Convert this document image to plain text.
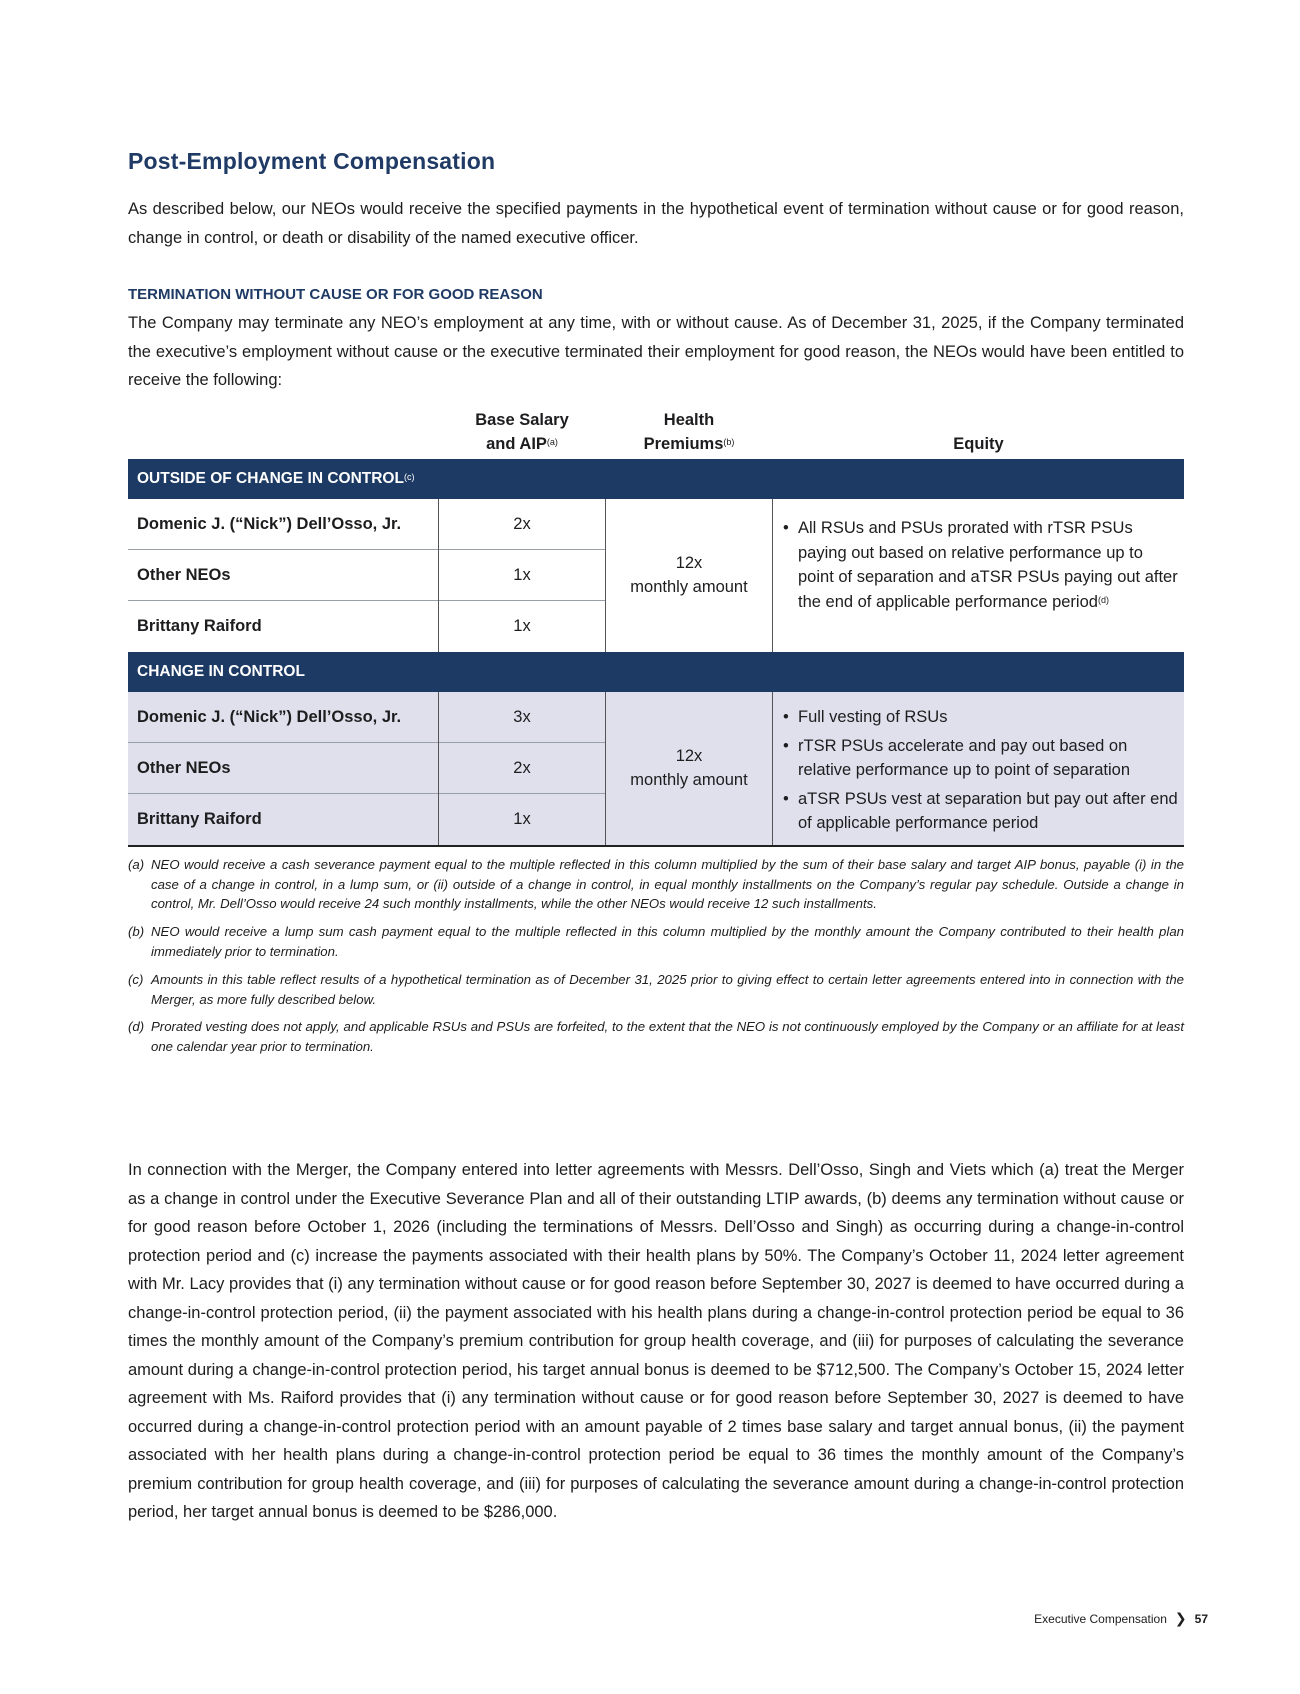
Post-Employment Compensation
As described below, our NEOs would receive the specified payments in the hypothetical event of termination without cause or for good reason, change in control, or death or disability of the named executive officer.
TERMINATION WITHOUT CAUSE OR FOR GOOD REASON
The Company may terminate any NEO’s employment at any time, with or without cause. As of December 31, 2025, if the Company terminated the executive’s employment without cause or the executive terminated their employment for good reason, the NEOs would have been entitled to receive the following:
Base Salary
and AIP$^{(a)}$
Health
Premiums$^{(b)}$	Equity
OUTSIDE OF CHANGE IN CONTROL$^{(c)}$
Domenic J. (“Nick”) Dell’Osso, Jr.
Other NEOs
Brittany Raiford
2x
1x
1x
12x
monthly amount
• All RSUs and PSUs prorated with rTSR PSUs paying out based on relative performance up to point of separation and aTSR PSUs paying out after the end of applicable performance period$^{(d)}$
CHANGE IN CONTROL
Domenic J. (“Nick”) Dell’Osso, Jr.
Other NEOs
Brittany Raiford
3x
2x
1x
12x
monthly amount
• Full vesting of RSUs
• rTSR PSUs accelerate and pay out based on relative performance up to point of separation
• aTSR PSUs vest at separation but pay out after end of applicable performance period
(a) NEO would receive a cash severance payment equal to the multiple reflected in this column multiplied by the sum of their base salary and target AIP bonus, payable (i) in the case of a change in control, in a lump sum, or (ii) outside of a change in control, in equal monthly installments on the Company’s regular pay schedule. Outside a change in control, Mr. Dell’Osso would receive 24 such monthly installments, while the other NEOs would receive 12 such installments.
(b) NEO would receive a lump sum cash payment equal to the multiple reflected in this column multiplied by the monthly amount the Company contributed to their health plan immediately prior to termination.
(c) Amounts in this table reflect results of a hypothetical termination as of December 31, 2025 prior to giving effect to certain letter agreements entered into in connection with the Merger, as more fully described below.
(d) Prorated vesting does not apply, and applicable RSUs and PSUs are forfeited, to the extent that the NEO is not continuously employed by the Company or an affiliate for at least one calendar year prior to termination.
In connection with the Merger, the Company entered into letter agreements with Messrs. Dell’Osso, Singh and Viets which (a) treat the Merger as a change in control under the Executive Severance Plan and all of their outstanding LTIP awards, (b) deems any termination without cause or for good reason before October 1, 2026 (including the terminations of Messrs. Dell’Osso and Singh) as occurring during a change-in-control protection period and (c) increase the payments associated with their health plans by 50%. The Company’s October 11, 2024 letter agreement with Mr. Lacy provides that (i) any termination without cause or for good reason before September 30, 2027 is deemed to have occurred during a change-in-control protection period, (ii) the payment associated with his health plans during a change-in-control protection period be equal to 36 times the monthly amount of the Company’s premium contribution for group health coverage, and (iii) for purposes of calculating the severance amount during a change-in-control protection period, his target annual bonus is deemed to be $712,500. The Company’s October 15, 2024 letter agreement with Ms. Raiford provides that (i) any termination without cause or for good reason before September 30, 2027 is deemed to have occurred during a change-in-control protection period with an amount payable of 2 times base salary and target annual bonus, (ii) the payment associated with her health plans during a change-in-control protection period be equal to 36 times the monthly amount of the Company’s premium contribution for group health coverage, and (iii) for purposes of calculating the severance amount during a change-in-control protection period, her target annual bonus is deemed to be $286,000.
Executive Compensation ❯ 57
